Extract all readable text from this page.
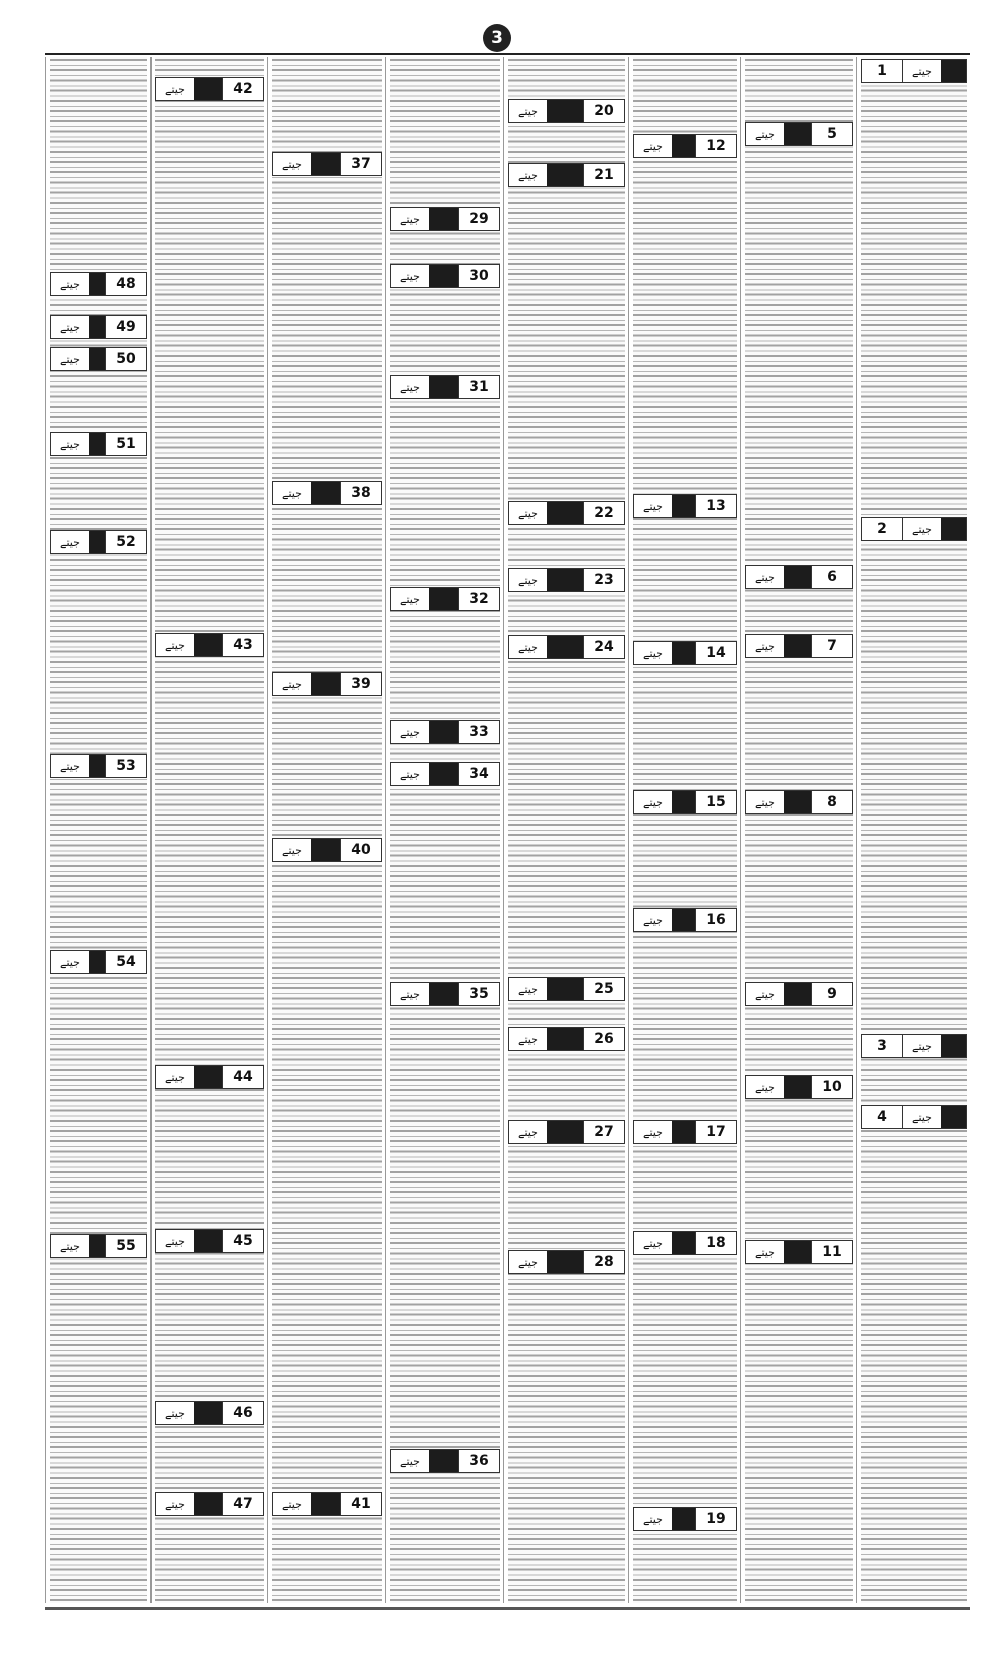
3
1	جیتے
2	جیتے
3	جیتے
4	جیتے
5
جیتے
6
جیتے
7
جیتے
8
جیتے
9
جیتے
10
جیتے
11
جیتے
12
جیتے
13
جیتے
14
جیتے
15
جیتے
16
جیتے
17
جیتے
18
جیتے
19
جیتے
20
جیتے
21
جیتے
22
جیتے
23
جیتے
24
جیتے
25
جیتے
26
جیتے
27
جیتے
28
جیتے
29
جیتے
30
جیتے
31
جیتے
32
جیتے
33
جیتے
34
جیتے
35
جیتے
36
جیتے
37
جیتے
38
جیتے
39
جیتے
40
جیتے
41
جیتے
42
جیتے
43
جیتے
44
جیتے
45
جیتے
46
جیتے
47
جیتے
48
جیتے
49
جیتے
50
جیتے
51
جیتے
52
جیتے
53
جیتے
54
جیتے
55
جیتے
